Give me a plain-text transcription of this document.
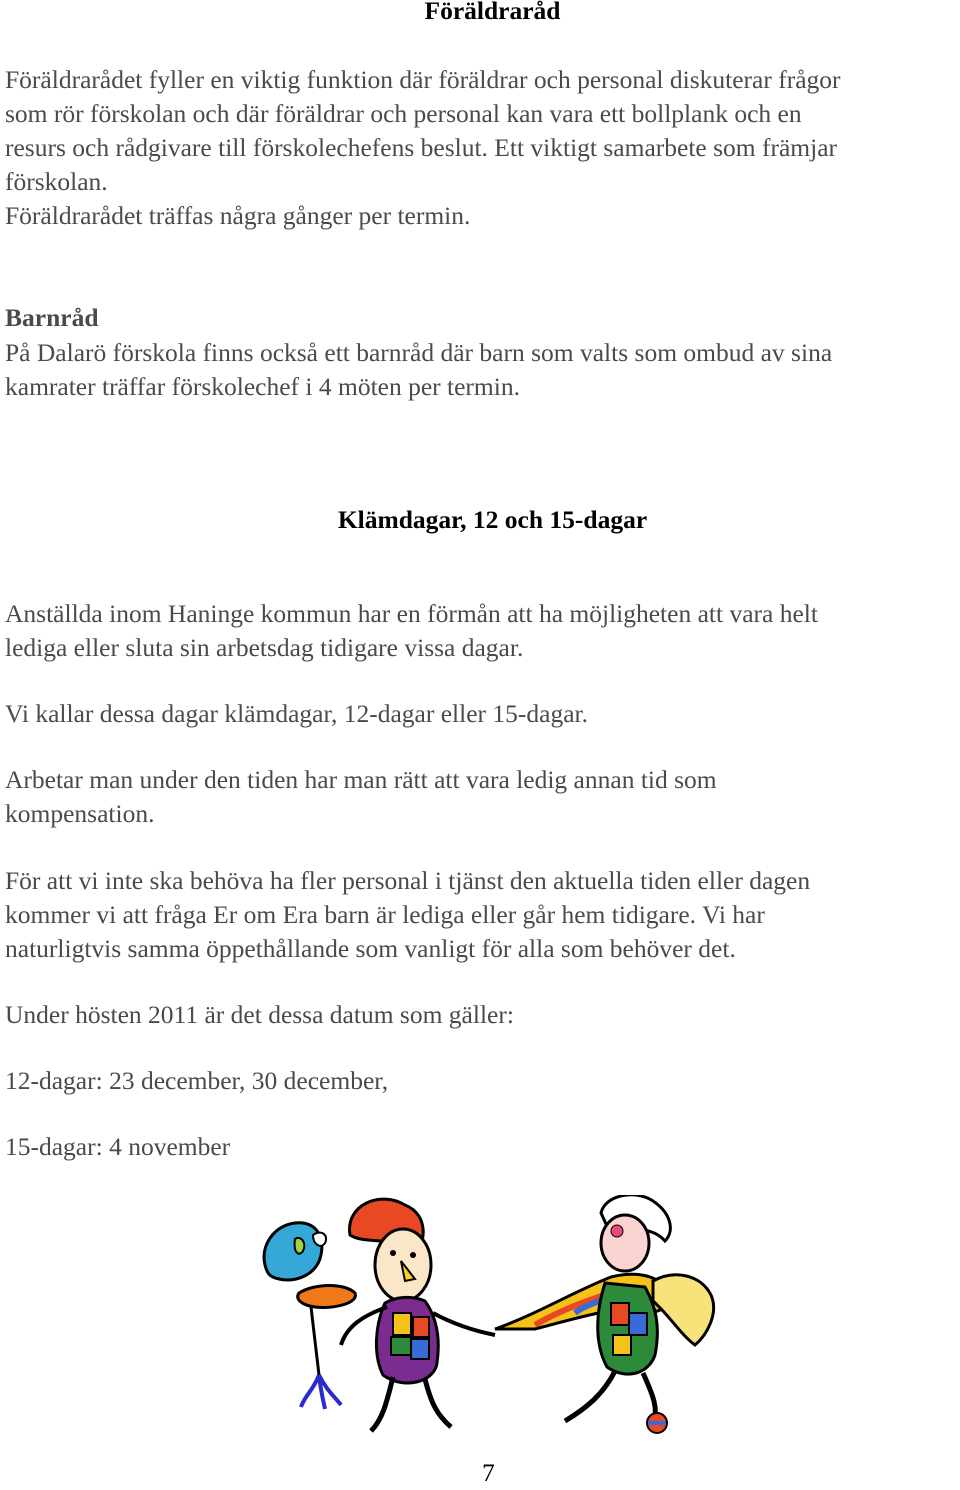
Föräldraråd

Föräldrarådet fyller en viktig funktion där föräldrar och personal diskuterar frågor

som rör förskolan och där föräldrar och personal kan vara ett bollplank och en

resurs och rådgivare till förskolechefens beslut. Ett viktigt samarbete som främjar

förskolan.

Föräldrarådet träffas några gånger per termin.

Barnråd

På Dalarö förskola finns också ett barnråd där barn som valts som ombud av sina

kamrater träffar förskolechef i 4 möten per termin.

Klämdagar, 12 och 15-dagar

Anställda inom Haninge kommun har en förmån att ha möjligheten att vara helt

lediga eller sluta sin arbetsdag tidigare vissa dagar.

Vi kallar dessa dagar klämdagar, 12-dagar eller 15-dagar.

Arbetar man under den tiden har man rätt att vara ledig annan tid som

kompensation.

För att vi inte ska behöva ha fler personal i tjänst den aktuella tiden eller dagen

kommer vi att fråga Er om Era barn är lediga eller går hem tidigare. Vi har

naturligtvis samma öppethållande som vanligt för alla som behöver det.

Under hösten 2011 är det dessa datum som gäller:

12-dagar: 23 december, 30 december,

15-dagar: 4 november

7
